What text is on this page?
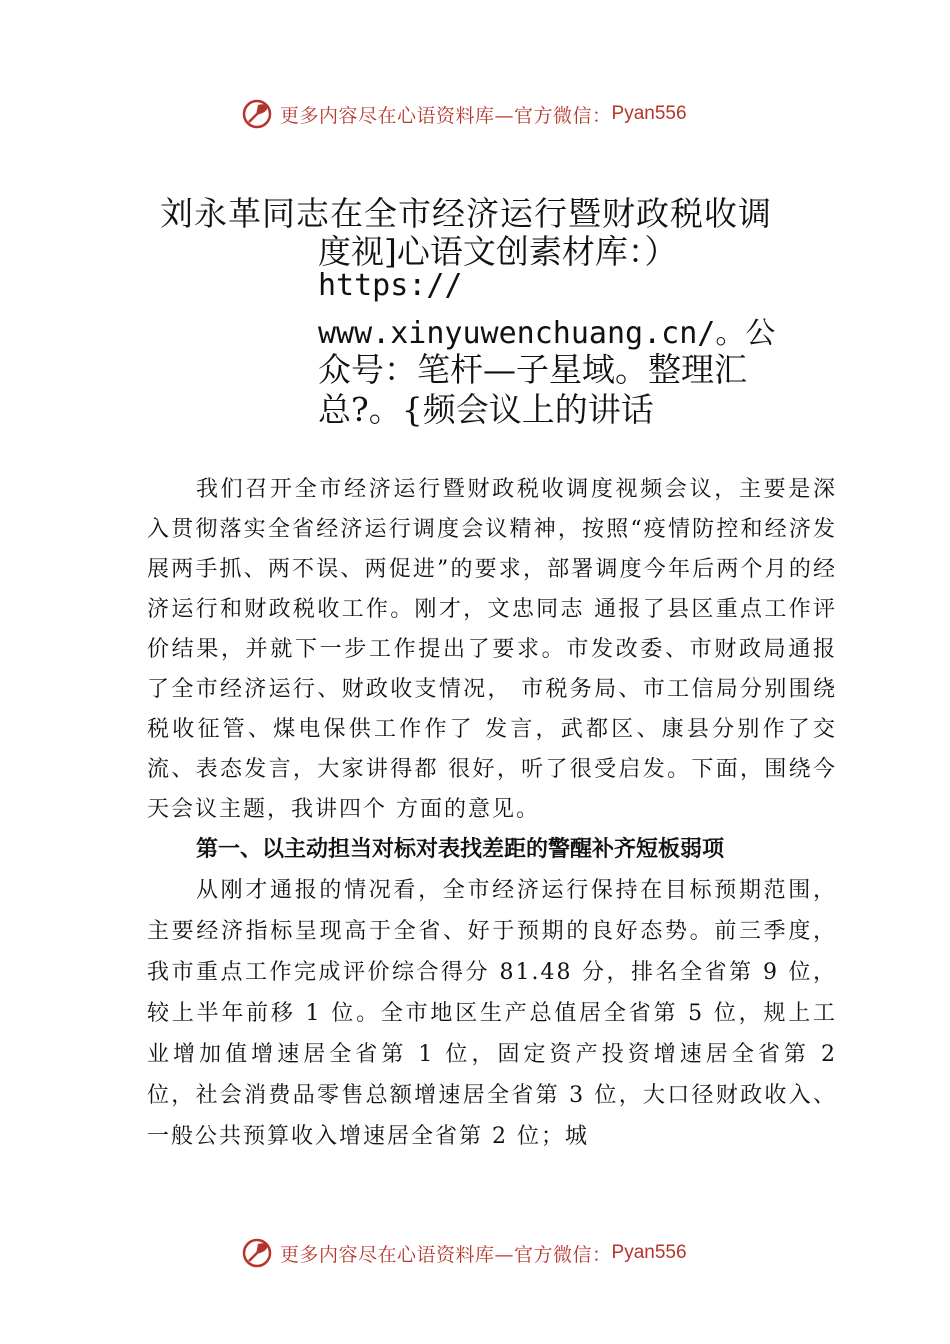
更多内容尽在心语资料库—官方微信： Pyan556
刘永革同志在全市经济运行暨财政税收调
度视]心语文创素材库：）
https://
www.xinyuwenchuang.cn/。公
众号：笔杆—子星域。整理汇
总?。{频会议上的讲话

我们召开全市经济运行暨财政税收调度视频会议，主要是深入贯彻落实全省经济运行调度会议精神，按照“疫情防控和经济发展两手抓、两不误、两促进”的要求，部署调度今年后两个月的经济运行和财政税收工作。刚才，文忠同志 通报了县区重点工作评价结果，并就下一步工作提出了要求。市发改委、市财政局通报了全市经济运行、财政收支情况， 市税务局、市工信局分别围绕税收征管、煤电保供工作作了 发言，武都区、康县分别作了交流、表态发言，大家讲得都 很好，听了很受启发。下面，围绕今天会议主题，我讲四个 方面的意见。

第一、以主动担当对标对表找差距的警醒补齐短板弱项

从刚才通报的情况看，全市经济运行保持在目标预期范围，主要经济指标呈现高于全省、好于预期的良好态势。前三季度，我市重点工作完成评价综合得分 81.48 分，排名全省第 9 位，较上半年前移 1 位。全市地区生产总值居全省第 5 位，规上工业增加值增速居全省第 1 位，固定资产投资增速居全省第 2 位，社会消费品零售总额增速居全省第 3 位，大口径财政收入、一般公共预算收入增速居全省第 2 位；城

更多内容尽在心语资料库—官方微信： Pyan556
